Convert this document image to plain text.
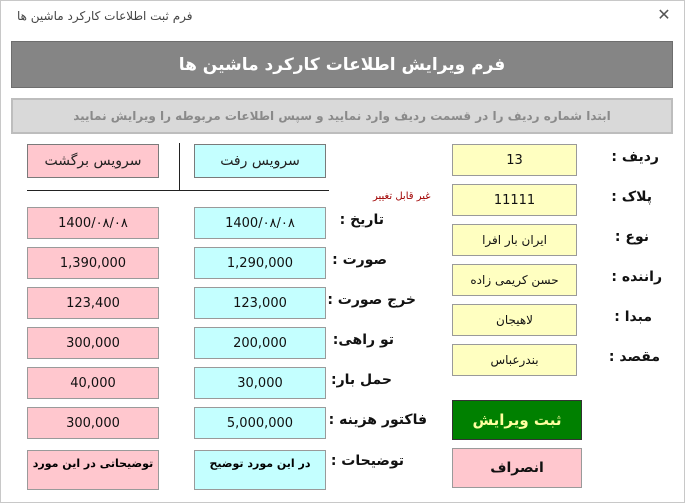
فرم ثبت اطلاعات کارکرد ماشین ها	✕
فرم ویرایش اطلاعات کارکرد ماشین ها
ابتدا شماره ردیف را در قسمت ردیف وارد نمایید و سپس اطلاعات مربوطه را ویرایش نمایید
سرویس برگشت	سرویس رفت
1400/۰۸/۰۸
1,390,000
123,400
300,000
40,000
300,000
توضیحاتی در این مورد
1400/۰۸/۰۸
1,290,000
123,000
200,000
30,000
5,000,000
در این مورد توضیح
تاریخ :
صورت :
خرج صورت :
تو راهی:
حمل بار:
فاکتور هزینه :
توضیحات :
13
11111
ایران بار افرا
حسن کریمی زاده
لاهیجان
بندرعباس
غیر قابل تغییر
ردیف :
پلاک :
نوع :
راننده :
مبدا :
مقصد :
ثبت ویرایش
انصراف
